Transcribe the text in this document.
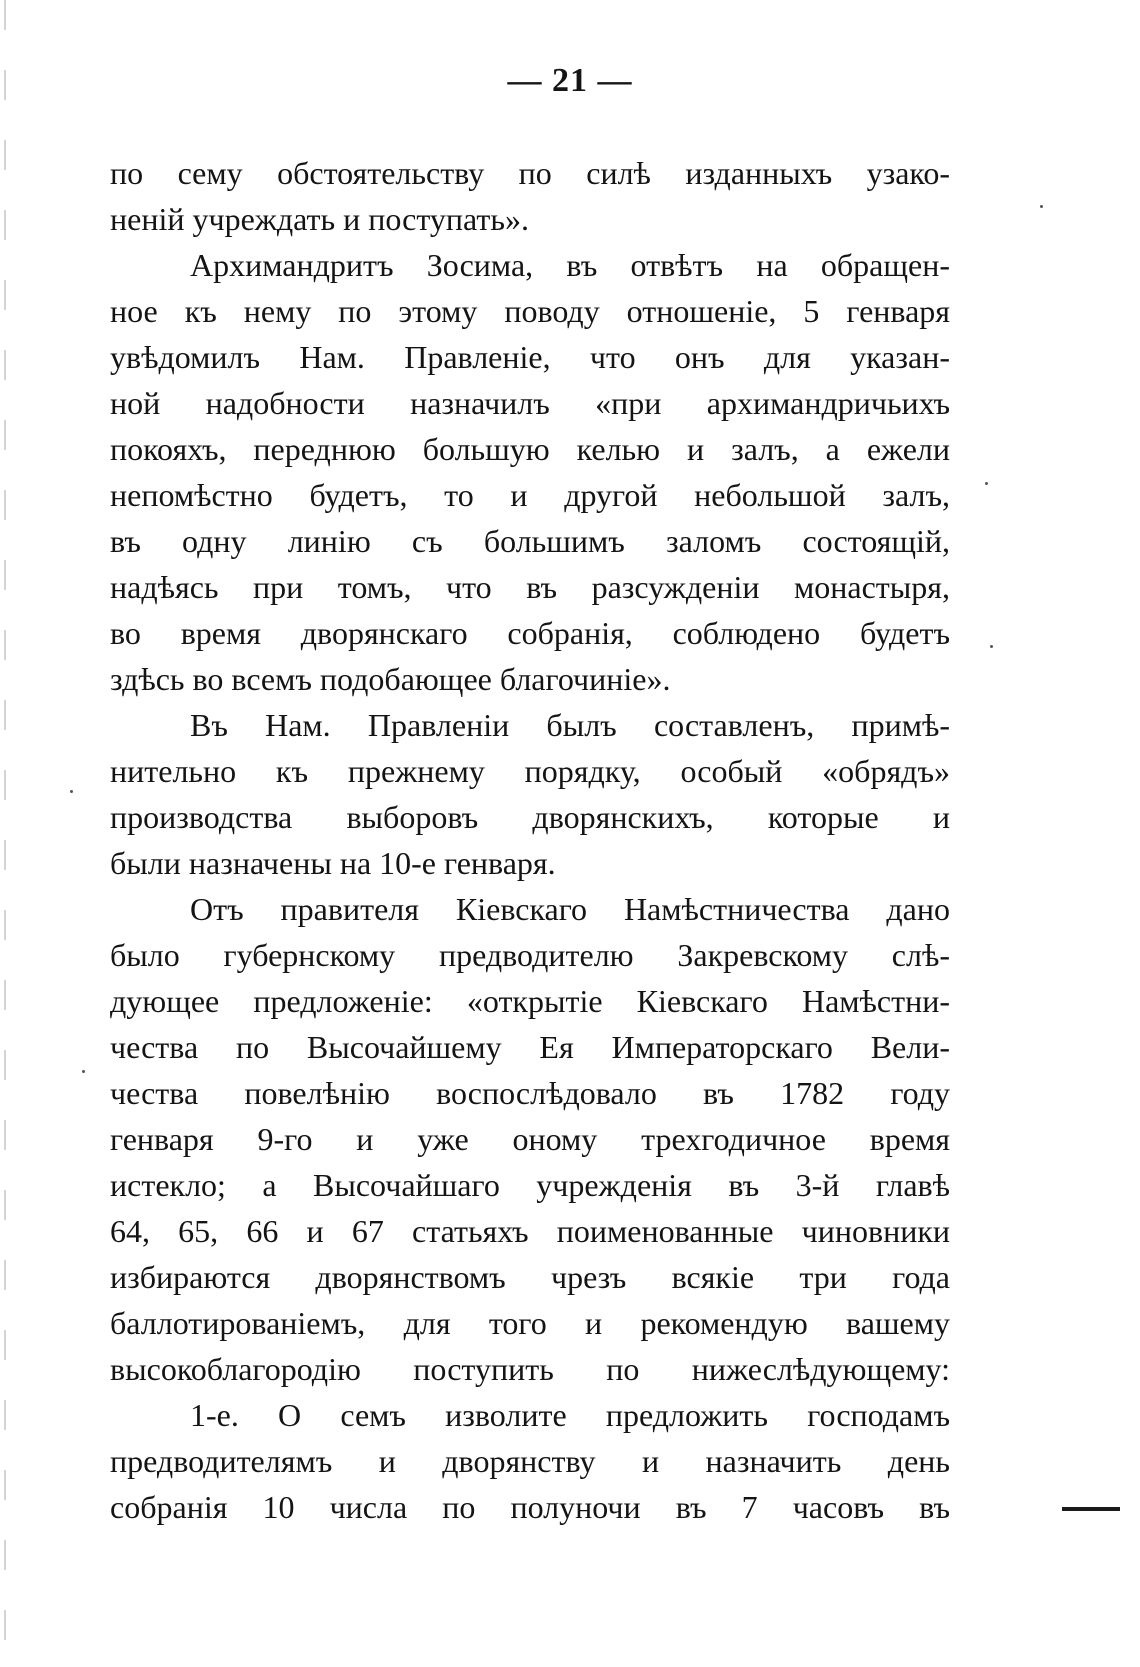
— 21 —
по сему обстоятельству по силѣ изданныхъ узако-
ненiй учреждать и поступать».
Архимандритъ Зосима, въ отвѣтъ на обращен-
ное къ нему по этому поводу отношенiе, 5 генваря
увѣдомилъ Нам. Правленiе, что онъ для указан-
ной надобности назначилъ «при архимандричьихъ
покояхъ, переднюю большую келью и залъ, а ежели
непомѣстно будетъ, то и другой небольшой залъ,
въ одну линiю съ большимъ заломъ состоящiй,
надѣясь при томъ, что въ разсужденiи монастыря,
во время дворянскаго собранiя, соблюдено будетъ
здѣсь во всемъ подобающее благочинiе».
Въ Нам. Правленiи былъ составленъ, примѣ-
нительно къ прежнему порядку, особый «обрядъ»
производства выборовъ дворянскихъ, которые и
были назначены на 10-е генваря.
Отъ правителя Кiевскаго Намѣстничества дано
было губернскому предводителю Закревскому слѣ-
дующее предложенiе: «открытiе Кiевскаго Намѣстни-
чества по Высочайшему Ея Императорскаго Вели-
чества повелѣнiю воспослѣдовало въ 1782 году
генваря 9-го и уже оному трехгодичное время
истекло; а Высочайшаго учрежденiя въ 3-й главѣ
64, 65, 66 и 67 статьяхъ поименованные чиновники
избираются дворянствомъ чрезъ всякiе три года
баллотированiемъ, для того и рекомендую вашему
высокоблагородiю поступить по нижеслѣдующему:
1-е. О семъ изволите предложить господамъ
предводителямъ и дворянству и назначить день
собранiя 10 числа по полуночи въ 7 часовъ въ
